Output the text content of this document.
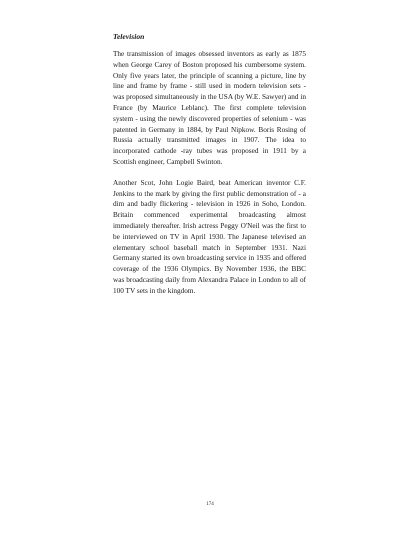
Television

The transmission of images obsessed inventors as early as 1875 when George Carey of Boston proposed his cumbersome system. Only five years later, the principle of scanning a picture, line by line and frame by frame - still used in modern television sets - was proposed simultaneously in the USA (by W.E. Sawyer) and in France (by Maurice Leblanc). The first complete television system - using the newly discovered properties of selenium - was patented in Germany in 1884, by Paul Nipkow. Boris Rosing of Russia actually transmitted images in 1907. The idea to incorporated cathode -ray tubes was proposed in 1911 by a Scottish engineer, Campbell Swinton.

Another Scot, John Logie Baird, beat American inventor C.F. Jenkins to the mark by giving the first public demonstration of - a dim and badly flickering - television in 1926 in Soho, London. Britain commenced experimental broadcasting almost immediately thereafter. Irish actress Peggy O'Neil was the first to be interviewed on TV in April 1930. The Japanese televised an elementary school baseball match in September 1931. Nazi Germany started its own broadcasting service in 1935 and offered coverage of the 1936 Olympics. By November 1936, the BBC was broadcasting daily from Alexandra Palace in London to all of 100 TV sets in the kingdom.

174
